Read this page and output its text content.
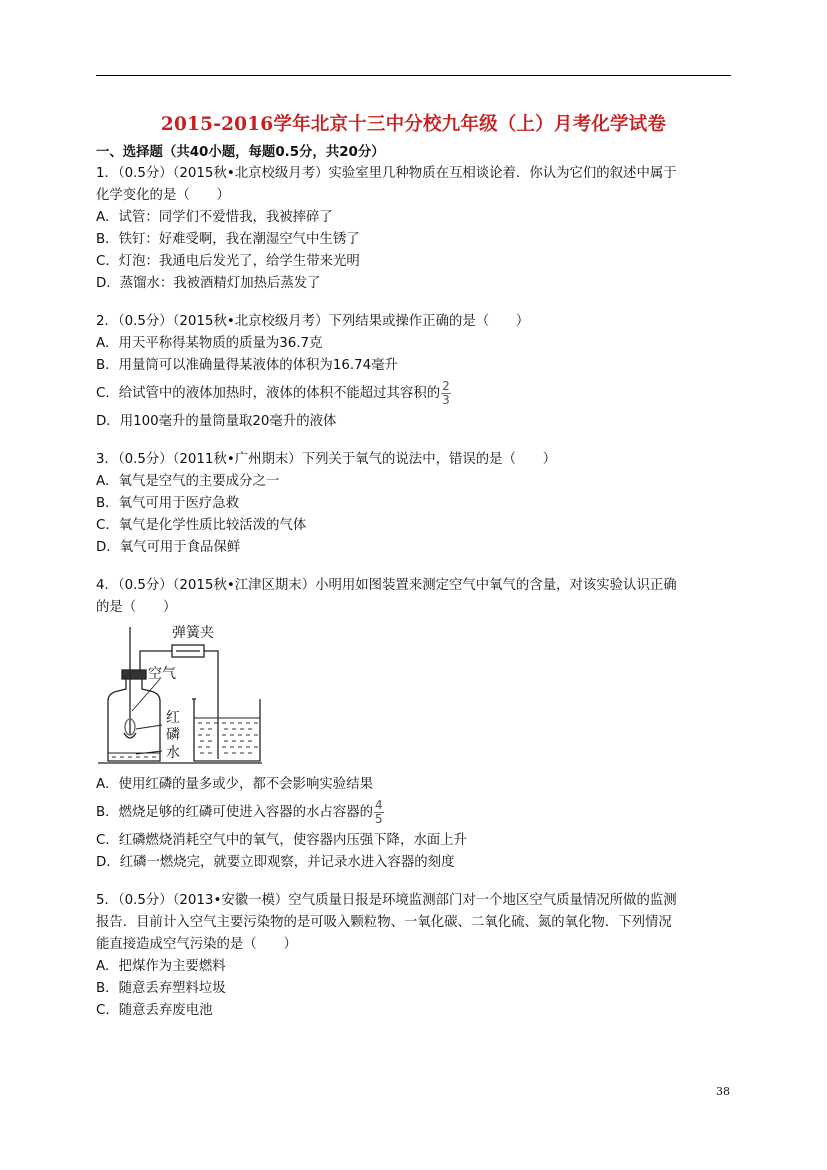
2015-2016学年北京十三中分校九年级（上）月考化学试卷
一、选择题（共40小题，每题0.5分，共20分）
1．（0.5分）（2015秋•北京校级月考）实验室里几种物质在互相谈论着．你认为它们的叙述中属于
化学变化的是（　　）
A．试管：同学们不爱惜我，我被摔碎了
B．铁钉：好难受啊，我在潮湿空气中生锈了
C．灯泡：我通电后发光了，给学生带来光明
D．蒸馏水：我被酒精灯加热后蒸发了
2．（0.5分）（2015秋•北京校级月考）下列结果或操作正确的是（　　）
A．用天平称得某物质的质量为36.7克
B．用量筒可以准确量得某液体的体积为16.74毫升
C．给试管中的液体加热时，液体的体积不能超过其容积的 $\frac{2}{3}$
D．用100毫升的量筒量取20毫升的液体
3．（0.5分）（2011秋•广州期末）下列关于氧气的说法中，错误的是（　　）
A．氧气是空气的主要成分之一
B．氧气可用于医疗急救
C．氧气是化学性质比较活泼的气体
D．氧气可用于食品保鲜
4．（0.5分）（2015秋•江津区期末）小明用如图装置来测定空气中氧气的含量，对该实验认识正确
的是（　　）
弹簧夹
空气
红
磷
水
A．使用红磷的量多或少，都不会影响实验结果
B．燃烧足够的红磷可使进入容器的水占容器的 $\frac{4}{5}$
C．红磷燃烧消耗空气中的氧气，使容器内压强下降，水面上升
D．红磷一燃烧完，就要立即观察，并记录水进入容器的刻度
5．（0.5分）（2013•安徽一模）空气质量日报是环境监测部门对一个地区空气质量情况所做的监测
报告．目前计入空气主要污染物的是可吸入颗粒物、一氧化碳、二氧化硫、氮的氧化物．下列情况
能直接造成空气污染的是（　　）
A．把煤作为主要燃料
B．随意丢弃塑料垃圾
C．随意丢弃废电池
38
